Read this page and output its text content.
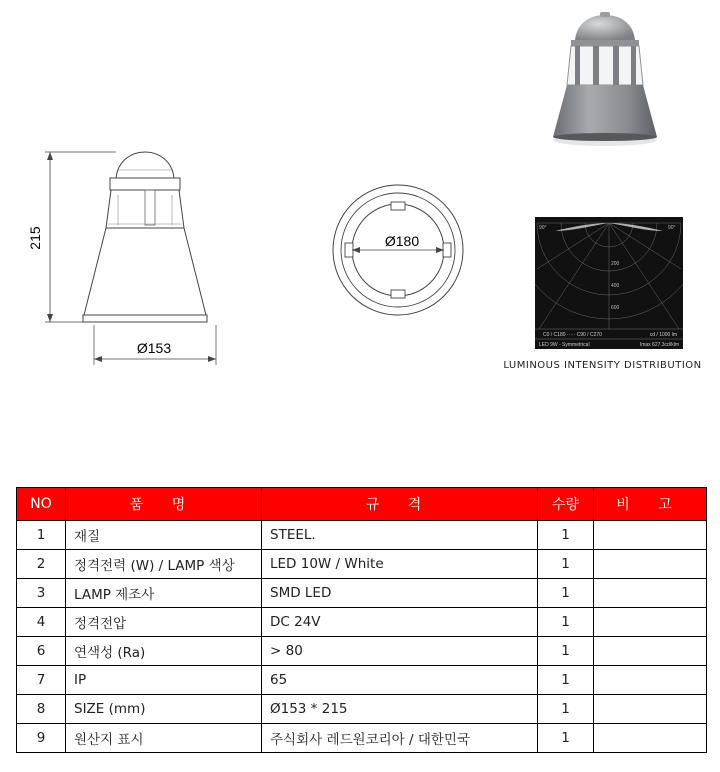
215
Ø153
Ø180
90°	90°
200
400
600
C0 / C180 ····· C90 / C270	cd / 1000 lm
LED 9W - Symmetrical	Imax 627.3cd/klm
LUMINOUS INTENSITY DISTRIBUTION
NO	품 명	규 격	수량	비 고
1	재질	STEEL.	1	
2	정격전력 (W) / LAMP 색상	LED 10W / White	1	
3	LAMP 제조사	SMD LED	1	
4	정격전압	DC 24V	1	
6	연색성 (Ra)	> 80	1	
7	IP	65	1	
8	SIZE (mm)	Ø153 * 215	1	
9	원산지 표시	주식회사 레드원코리아 / 대한민국	1	
